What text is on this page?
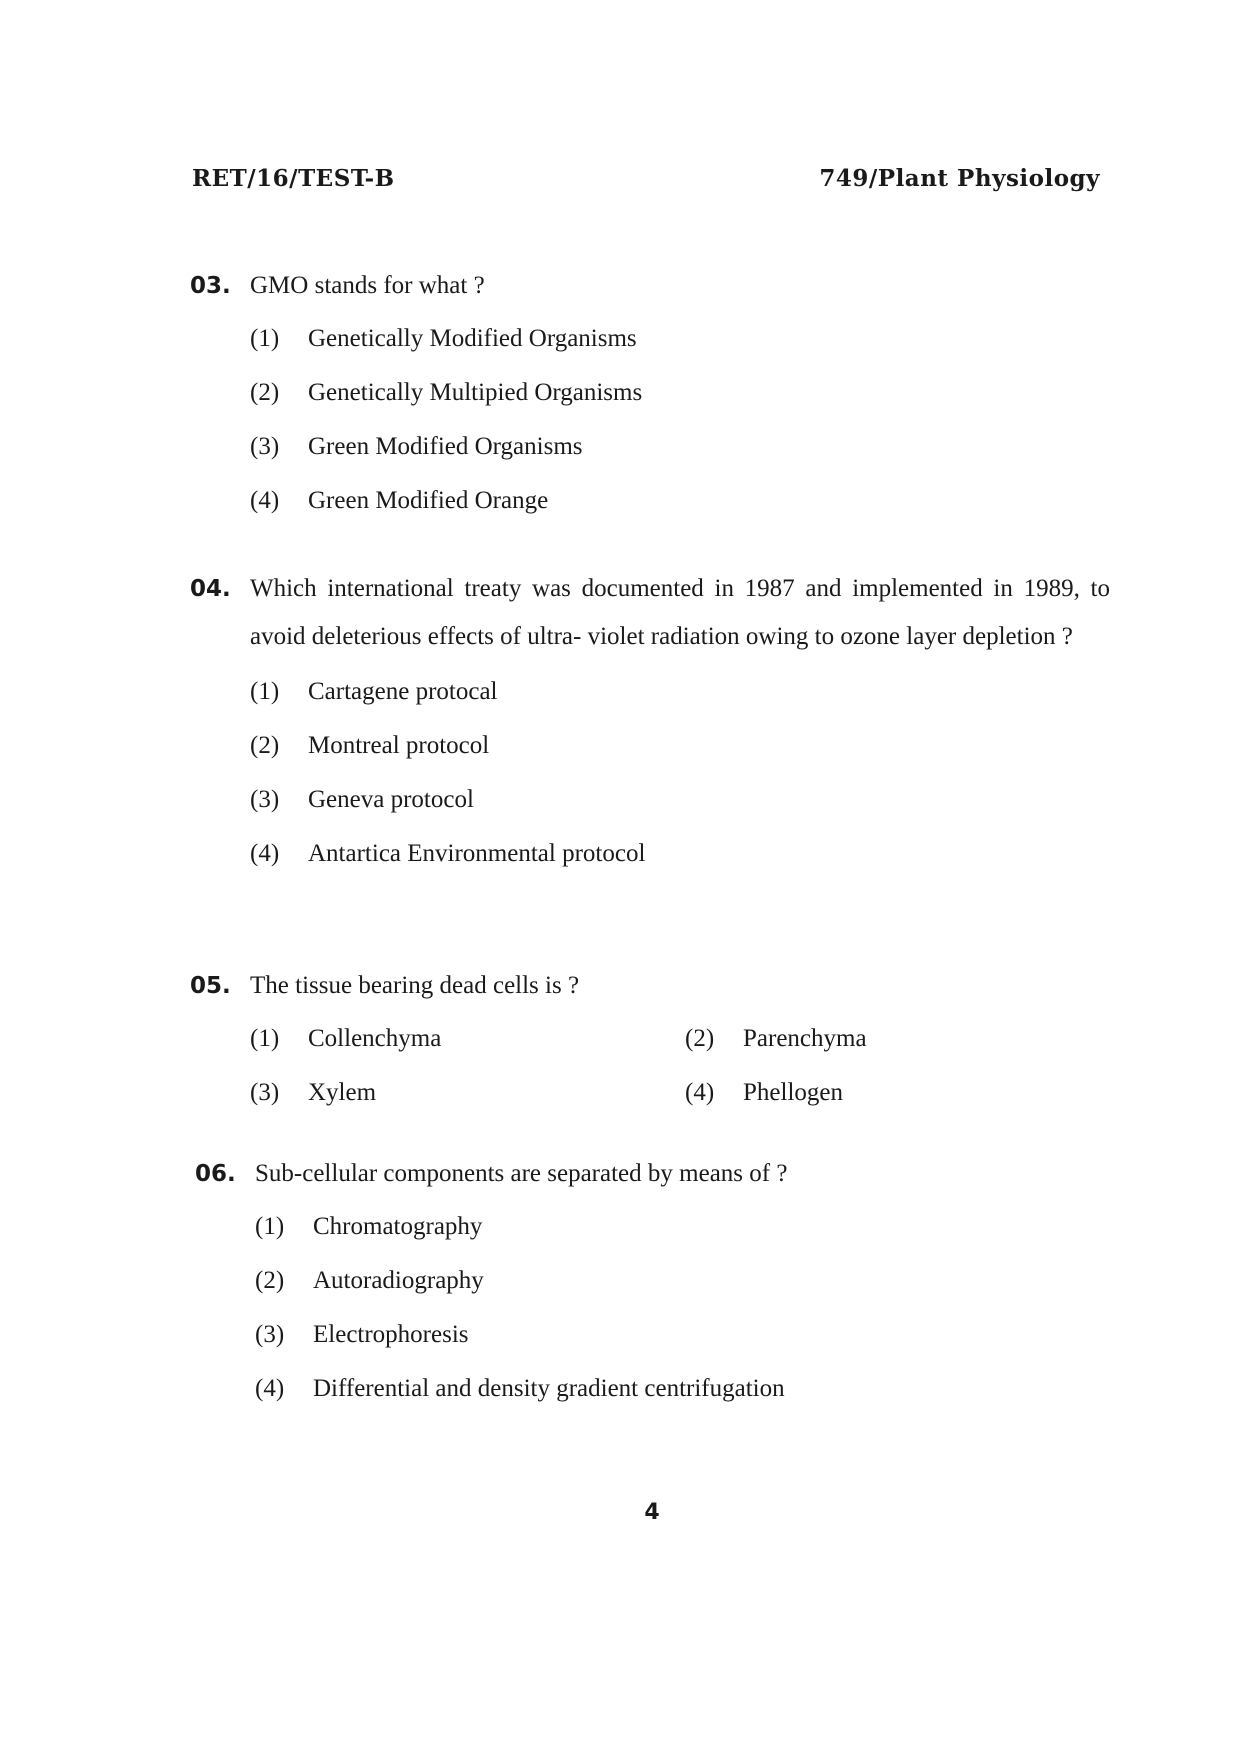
RET/16/TEST-B	749/Plant Physiology
03. GMO stands for what ?
(1)	Genetically Modified Organisms
(2)	Genetically Multipied Organisms
(3)	Green Modified Organisms
(4)	Green Modified Orange
04. Which international treaty was documented in 1987 and implemented in 1989, to avoid deleterious effects of ultra- violet radiation owing to ozone layer depletion ?
(1)	Cartagene protocal
(2)	Montreal protocol
(3)	Geneva protocol
(4)	Antartica Environmental protocol
05. The tissue bearing dead cells is ?
(1)	Collenchyma	(2)	Parenchyma
(3)	Xylem	(4)	Phellogen
06. Sub-cellular components are separated by means of ?
(1)	Chromatography
(2)	Autoradiography
(3)	Electrophoresis
(4)	Differential and density gradient centrifugation
4
